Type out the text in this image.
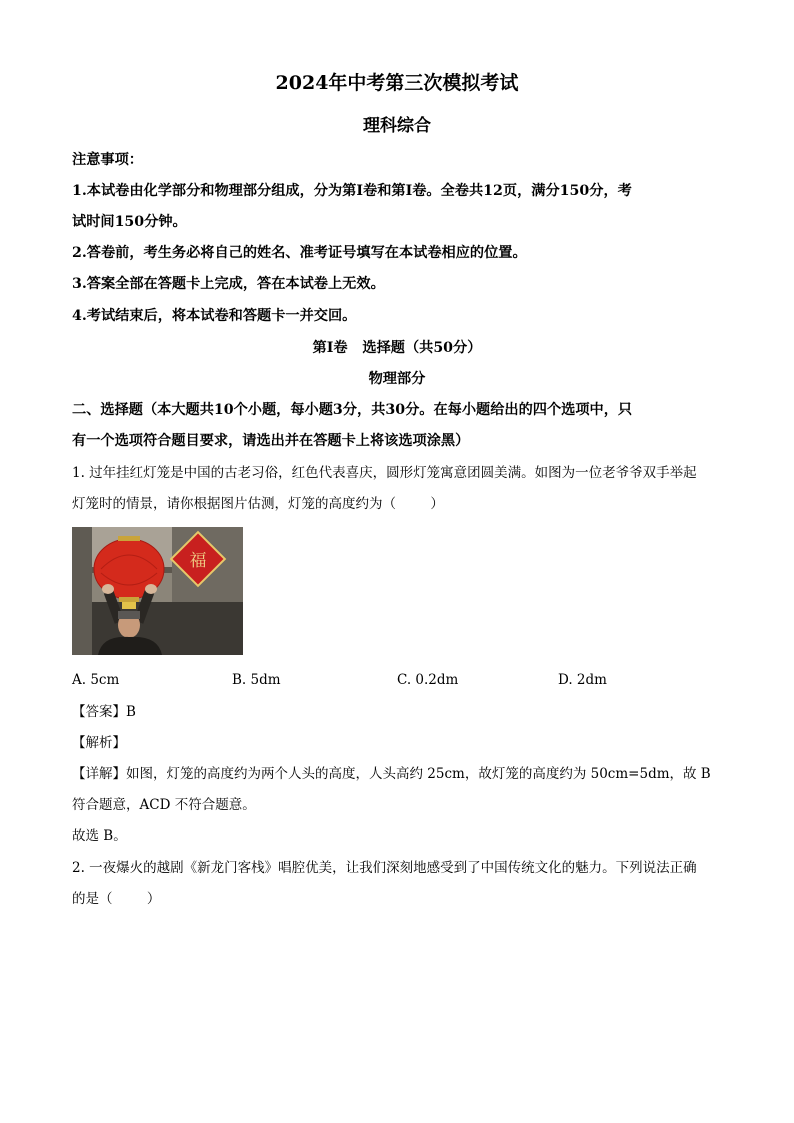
2024年中考第三次模拟考试
理科综合
注意事项：
1.本试卷由化学部分和物理部分组成，分为第Ⅰ卷和第Ⅰ卷。全卷共12页，满分150分，考
试时间150分钟。
2.答卷前，考生务必将自己的姓名、准考证号填写在本试卷相应的位置。
3.答案全部在答题卡上完成，答在本试卷上无效。
4.考试结束后，将本试卷和答题卡一并交回。
第Ⅰ卷   选择题（共50分）
物理部分
二、选择题（本大题共10个小题，每小题3分，共30分。在每小题给出的四个选项中，只
有一个选项符合题目要求，请选出并在答题卡上将该选项涂黑）
1. 过年挂红灯笼是中国的古老习俗，红色代表喜庆，圆形灯笼寓意团圆美满。如图为一位老爷爷双手举起
灯笼时的情景，请你根据图片估测，灯笼的高度约为（        ）
福
A. 5cm	B. 5dm	C. 0.2dm	D. 2dm
【答案】B
【解析】
【详解】如图，灯笼的高度约为两个人头的高度，人头高约 25cm，故灯笼的高度约为 50cm=5dm，故 B
符合题意，ACD 不符合题意。
故选 B。
2. 一夜爆火的越剧《新龙门客栈》唱腔优美，让我们深刻地感受到了中国传统文化的魅力。下列说法正确
的是（        ）
